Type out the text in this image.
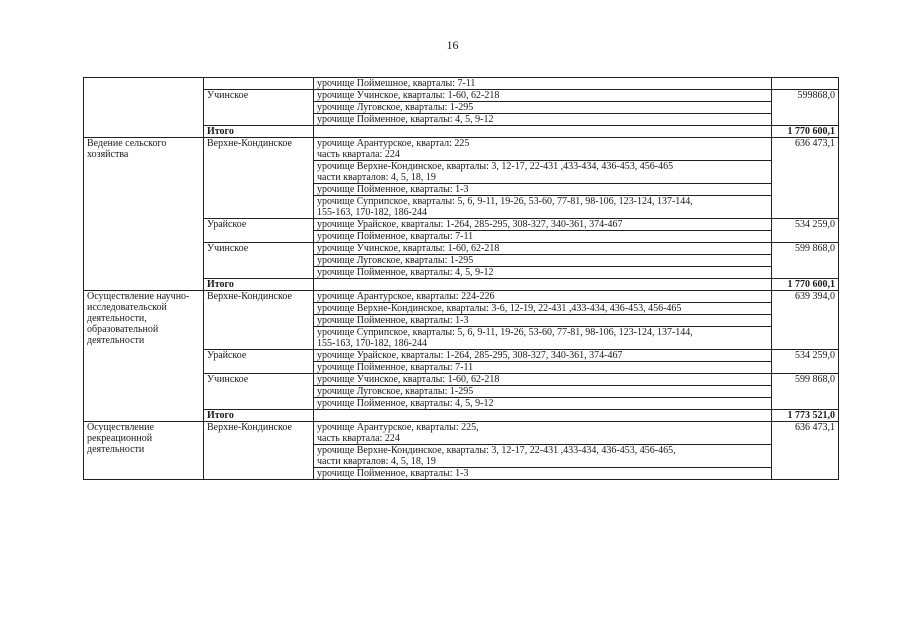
16

		урочище Поймешное, кварталы: 7-11	

	Учинское	урочище Учинское, кварталы: 1-60, 62-218	599868,0

		урочище Луговское, кварталы: 1-295	

		урочище Пойменное, кварталы: 4, 5, 9-12	

	Итого		1 770 600,1
Ведение сельского хозяйства	Верхне-Кондинское	урочище Арантурское, квартал: 225
часть квартала: 224	636 473,1

		урочище Верхне-Кондинское, кварталы: 3, 12-17, 22-431 ,433-434, 436-453, 456-465
части кварталов: 4, 5, 18, 19	

		урочище Пойменное, кварталы: 1-3	

		урочище Суприпское, кварталы: 5, 6, 9-11, 19-26, 53-60, 77-81, 98-106, 123-124, 137-144,
155-163, 170-182, 186-244	

	Урайское	урочище Урайское, кварталы: 1-264, 285-295, 308-327, 340-361, 374-467	534 259,0

		урочище Пойменное, кварталы: 7-11	

	Учинское	урочище Учинское, кварталы: 1-60, 62-218	599 868,0

		урочище Луговское, кварталы: 1-295	

		урочище Пойменное, кварталы: 4, 5, 9-12	

	Итого		1 770 600,1
Осуществление научно-исследовательской деятельности, образовательной деятельности	Верхне-Кондинское	урочище Арантурское, кварталы: 224-226	639 394,0

		урочище Верхне-Кондинское, кварталы: 3-6, 12-19, 22-431 ,433-434, 436-453, 456-465	

		урочище Пойменное, кварталы: 1-3	

		урочище Суприпское, кварталы: 5, 6, 9-11, 19-26, 53-60, 77-81, 98-106, 123-124, 137-144,
155-163, 170-182, 186-244	

	Урайское	урочище Урайское, кварталы: 1-264, 285-295, 308-327, 340-361, 374-467	534 259,0

		урочище Пойменное, кварталы: 7-11	

	Учинское	урочище Учинское, кварталы: 1-60, 62-218	599 868,0

		урочище Луговское, кварталы: 1-295	

		урочище Пойменное, кварталы: 4, 5, 9-12	

	Итого		1 773 521,0
Осуществление рекреационной деятельности	Верхне-Кондинское	урочище Арантурское, кварталы: 225,
часть квартала: 224	636 473,1

		урочище Верхне-Кондинское, кварталы: 3, 12-17, 22-431 ,433-434, 436-453, 456-465,
части кварталов: 4, 5, 18, 19	

		урочище Пойменное, кварталы: 1-3	
